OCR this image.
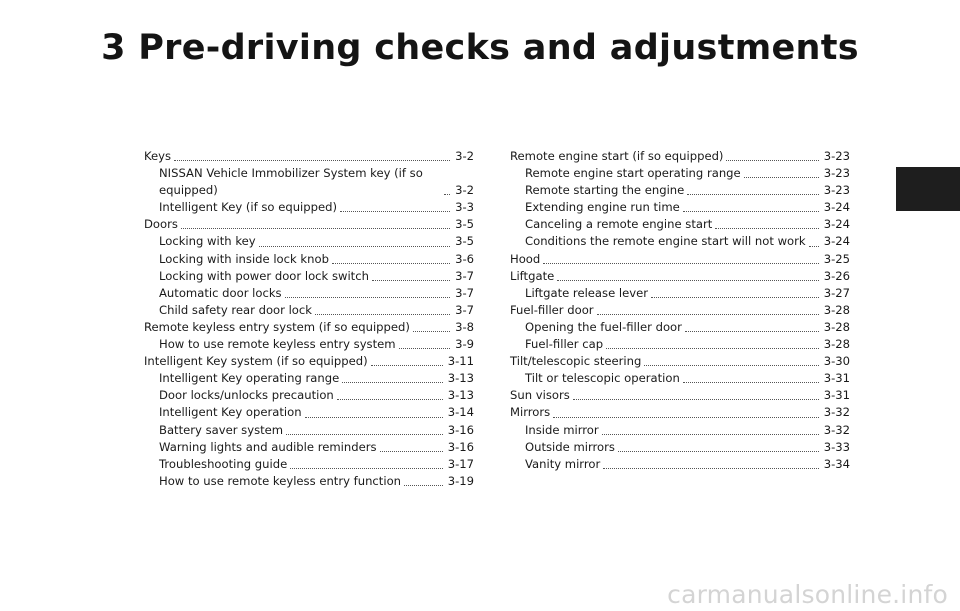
3 Pre-driving checks and adjustments
Keys	3-2
NISSAN Vehicle Immobilizer System key (if so equipped)	3-2
Intelligent Key (if so equipped)	3-3
Doors	3-5
Locking with key	3-5
Locking with inside lock knob	3-6
Locking with power door lock switch	3-7
Automatic door locks	3-7
Child safety rear door lock	3-7
Remote keyless entry system (if so equipped)	3-8
How to use remote keyless entry system	3-9
Intelligent Key system (if so equipped)	3-11
Intelligent Key operating range	3-13
Door locks/unlocks precaution	3-13
Intelligent Key operation	3-14
Battery saver system	3-16
Warning lights and audible reminders	3-16
Troubleshooting guide	3-17
How to use remote keyless entry function	3-19
Remote engine start (if so equipped)	3-23
Remote engine start operating range	3-23
Remote starting the engine	3-23
Extending engine run time	3-24
Canceling a remote engine start	3-24
Conditions the remote engine start will not work 3-24
Hood	3-25
Liftgate	3-26
Liftgate release lever	3-27
Fuel-filler door	3-28
Opening the fuel-filler door	3-28
Fuel-filler cap	3-28
Tilt/telescopic steering	3-30
Tilt or telescopic operation	3-31
Sun visors	3-31
Mirrors	3-32
Inside mirror	3-32
Outside mirrors	3-33
Vanity mirror	3-34
carmanualsonline.info
